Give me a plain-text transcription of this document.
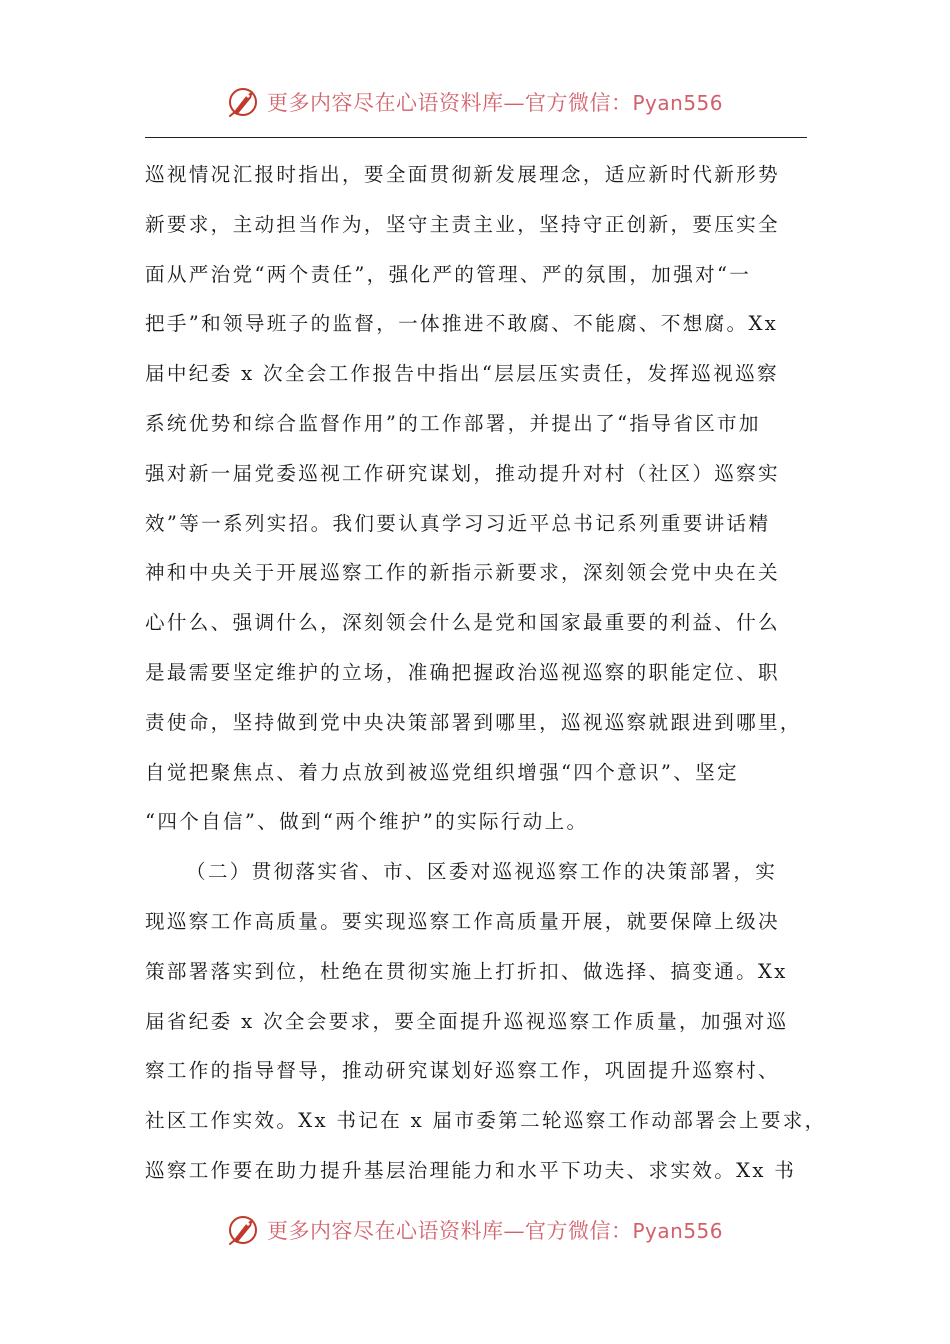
更多内容尽在心语资料库—官方微信：Pyan556
巡视情况汇报时指出，要全面贯彻新发展理念，适应新时代新形势
新要求，主动担当作为，坚守主责主业，坚持守正创新，要压实全
面从严治党“两个责任”，强化严的管理、严的氛围，加强对“一
把手”和领导班子的监督，一体推进不敢腐、不能腐、不想腐。Xx
届中纪委 x 次全会工作报告中指出“层层压实责任，发挥巡视巡察
系统优势和综合监督作用”的工作部署，并提出了“指导省区市加
强对新一届党委巡视工作研究谋划，推动提升对村（社区）巡察实
效”等一系列实招。我们要认真学习习近平总书记系列重要讲话精
神和中央关于开展巡察工作的新指示新要求，深刻领会党中央在关
心什么、强调什么，深刻领会什么是党和国家最重要的利益、什么
是最需要坚定维护的立场，准确把握政治巡视巡察的职能定位、职
责使命，坚持做到党中央决策部署到哪里，巡视巡察就跟进到哪里，
自觉把聚焦点、着力点放到被巡党组织增强“四个意识”、坚定
“四个自信”、做到“两个维护”的实际行动上。
（二）贯彻落实省、市、区委对巡视巡察工作的决策部署，实
现巡察工作高质量。要实现巡察工作高质量开展，就要保障上级决
策部署落实到位，杜绝在贯彻实施上打折扣、做选择、搞变通。Xx
届省纪委 x 次全会要求，要全面提升巡视巡察工作质量，加强对巡
察工作的指导督导，推动研究谋划好巡察工作，巩固提升巡察村、
社区工作实效。Xx 书记在 x 届市委第二轮巡察工作动部署会上要求，
巡察工作要在助力提升基层治理能力和水平下功夫、求实效。Xx 书
更多内容尽在心语资料库—官方微信：Pyan556
